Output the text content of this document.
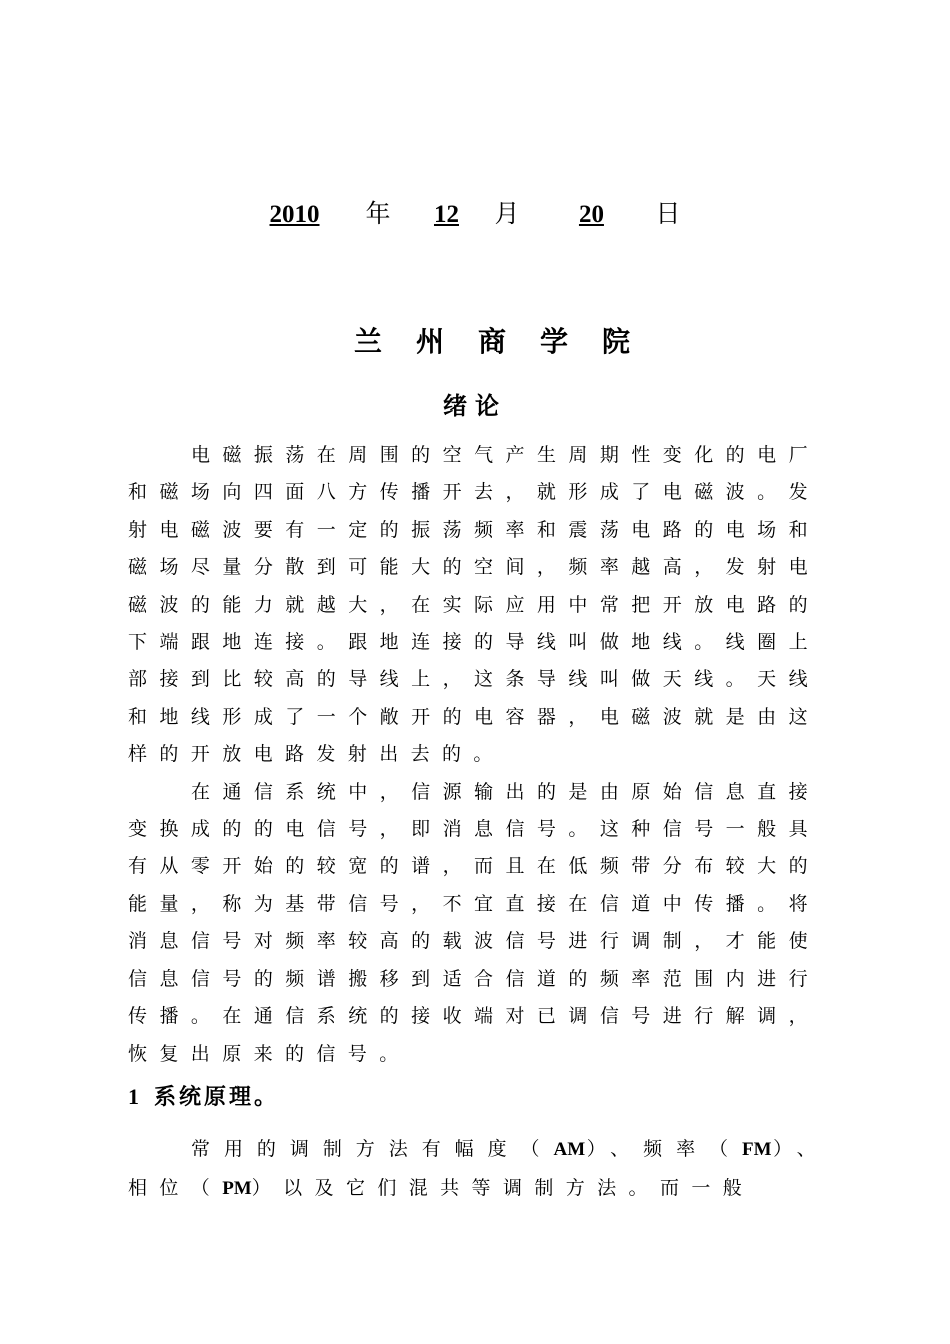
2010 年 12 月 20 日
兰州商学院
绪论

电磁振荡在周围的空气产生周期性变化的电厂和磁场向四面八方传播开去，就形成了电磁波。发射电磁波要有一定的振荡频率和震荡电路的电场和磁场尽量分散到可能大的空间，频率越高，发射电磁波的能力就越大，在实际应用中常把开放电路的下端跟地连接。跟地连接的导线叫做地线。线圈上部接到比较高的导线上，这条导线叫做天线。天线和地线形成了一个敞开的电容器，电磁波就是由这样的开放电路发射出去的。

在通信系统中，信源输出的是由原始信息直接变换成的的电信号，即消息信号。这种信号一般具有从零开始的较宽的谱，而且在低频带分布较大的能量，称为基带信号，不宜直接在信道中传播。将消息信号对频率较高的载波信号进行调制，才能使信息信号的频谱搬移到适合信道的频率范围内进行传播。在通信系统的接收端对已调信号进行解调，恢复出原来的信号。

1 系统原理。

常用的调制方法有幅度（AM）、频率（FM）、相位（PM）以及它们混共等调制方法。而一般
